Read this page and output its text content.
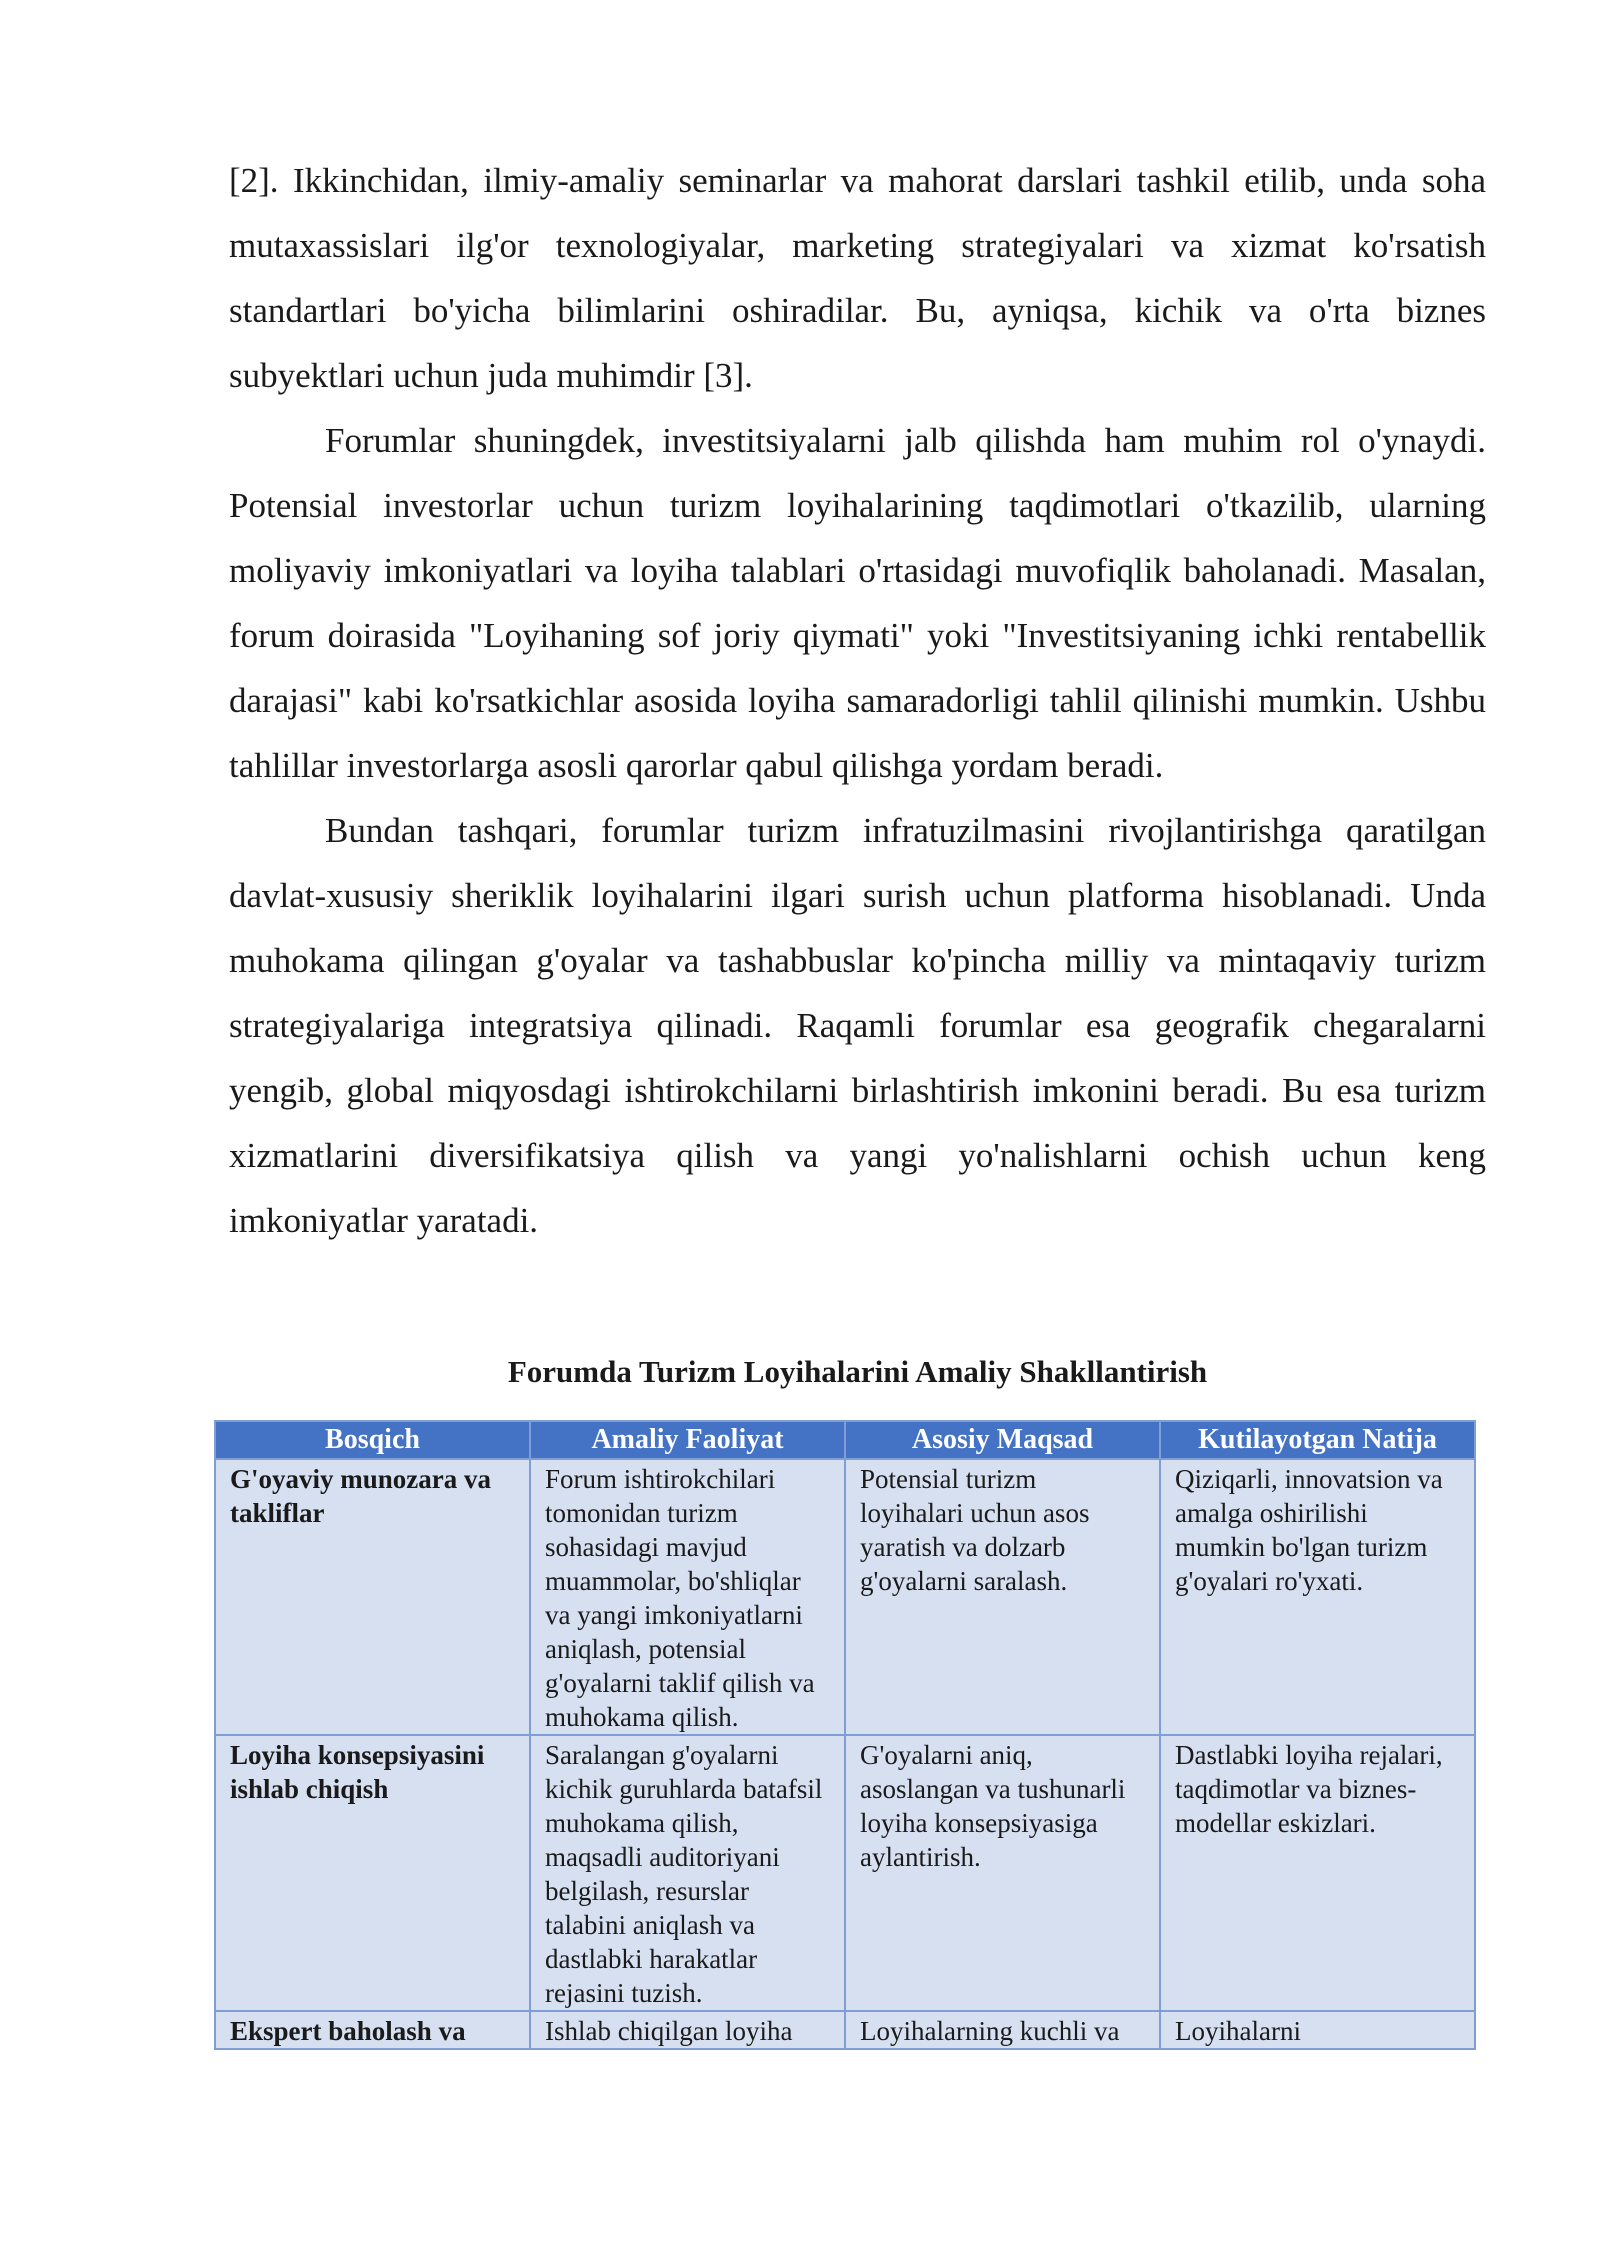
[2]. Ikkinchidan, ilmiy-amaliy seminarlar va mahorat darslari tashkil etilib, unda soha mutaxassislari ilg'or texnologiyalar, marketing strategiyalari va xizmat ko'rsatish standartlari bo'yicha bilimlarini oshiradilar. Bu, ayniqsa, kichik va o'rta biznes subyektlari uchun juda muhimdir [3].

Forumlar shuningdek, investitsiyalarni jalb qilishda ham muhim rol o'ynaydi. Potensial investorlar uchun turizm loyihalarining taqdimotlari o'tkazilib, ularning moliyaviy imkoniyatlari va loyiha talablari o'rtasidagi muvofiqlik baholanadi. Masalan, forum doirasida "Loyihaning sof joriy qiymati" yoki "Investitsiyaning ichki rentabellik darajasi" kabi ko'rsatkichlar asosida loyiha samaradorligi tahlil qilinishi mumkin. Ushbu tahlillar investorlarga asosli qarorlar qabul qilishga yordam beradi.

Bundan tashqari, forumlar turizm infratuzilmasini rivojlantirishga qaratilgan davlat-xususiy sheriklik loyihalarini ilgari surish uchun platforma hisoblanadi. Unda muhokama qilingan g'oyalar va tashabbuslar ko'pincha milliy va mintaqaviy turizm strategiyalariga integratsiya qilinadi. Raqamli forumlar esa geografik chegaralarni yengib, global miqyosdagi ishtirokchilarni birlashtirish imkonini beradi. Bu esa turizm xizmatlarini diversifikatsiya qilish va yangi yo'nalishlarni ochish uchun keng imkoniyatlar yaratadi.

Forumda Turizm Loyihalarini Amaliy Shakllantirish
Bosqich	Amaliy Faoliyat	Asosiy Maqsad	Kutilayotgan Natija
G'oyaviy munozara va takliflar	Forum ishtirokchilari tomonidan turizm sohasidagi mavjud muammolar, bo'shliqlar va yangi imkoniyatlarni aniqlash, potensial g'oyalarni taklif qilish va muhokama qilish.	Potensial turizm loyihalari uchun asos yaratish va dolzarb g'oyalarni saralash.	Qiziqarli, innovatsion va amalga oshirilishi mumkin bo'lgan turizm g'oyalari ro'yxati.
Loyiha konsepsiyasini ishlab chiqish	Saralangan g'oyalarni kichik guruhlarda batafsil muhokama qilish, maqsadli auditoriyani belgilash, resurslar talabini aniqlash va dastlabki harakatlar rejasini tuzish.	G'oyalarni aniq, asoslangan va tushunarli loyiha konsepsiyasiga aylantirish.	Dastlabki loyiha rejalari, taqdimotlar va biznes-modellar eskizlari.
Ekspert baholash va	Ishlab chiqilgan loyiha	Loyihalarning kuchli va	Loyihalarni
